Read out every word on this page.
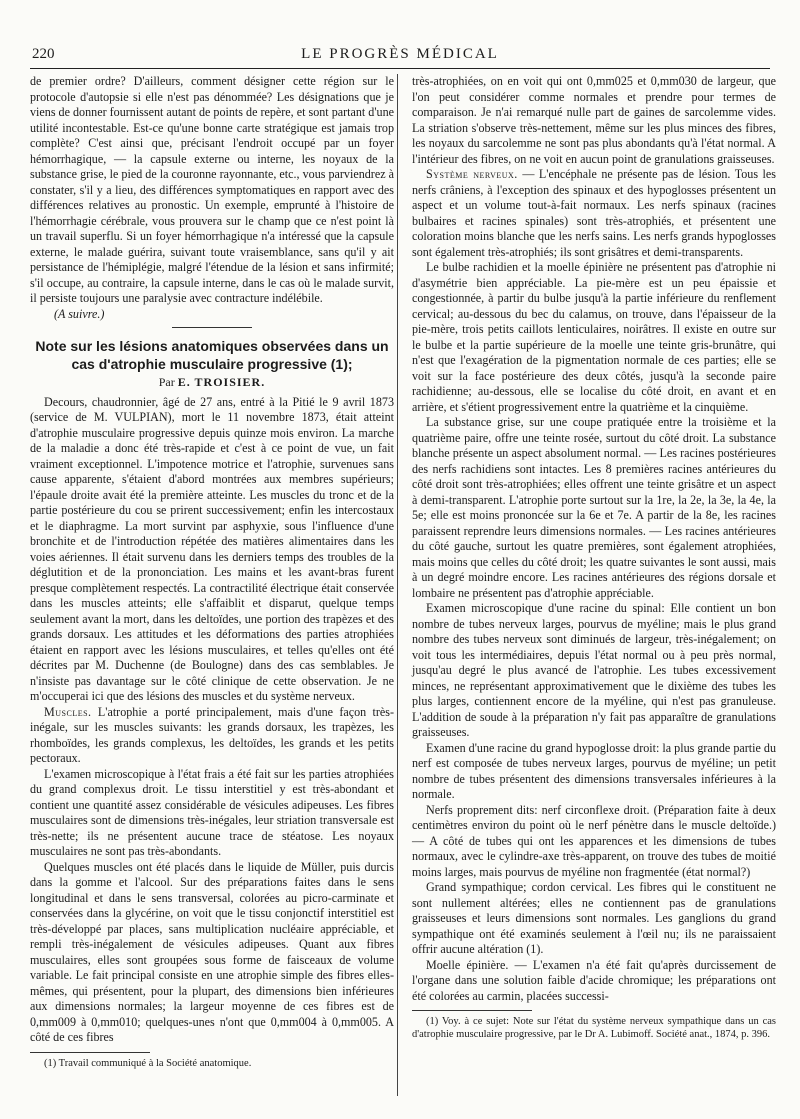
220	LE PROGRÈS MÉDICAL

de premier ordre? D'ailleurs, comment désigner cette région sur le protocole d'autopsie si elle n'est pas dénommée? Les désignations que je viens de donner fournissent autant de points de repère, et sont partant d'une utilité incontestable. Est-ce qu'une bonne carte stratégique est jamais trop complète? C'est ainsi que, précisant l'endroit occupé par un foyer hémorrhagique, — la capsule externe ou interne, les noyaux de la substance grise, le pied de la couronne rayonnante, etc., vous parviendrez à constater, s'il y a lieu, des différences symptomatiques en rapport avec des différences relatives au pronostic. Un exemple, emprunté à l'histoire de l'hémorrhagie cérébrale, vous prouvera sur le champ que ce n'est point là un travail superflu. Si un foyer hémorrhagique n'a intéressé que la capsule externe, le malade guérira, suivant toute vraisemblance, sans qu'il y ait persistance de l'hémiplégie, malgré l'étendue de la lésion et sans infirmité; s'il occupe, au contraire, la capsule interne, dans le cas où le malade survit, il persiste toujours une paralysie avec contracture indélébile.

(A suivre.)

Note sur les lésions anatomiques observées dans un cas d'atrophie musculaire progressive (1);
Par E. TROISIER.

Decours, chaudronnier, âgé de 27 ans, entré à la Pitié le 9 avril 1873 (service de M. VULPIAN), mort le 11 novembre 1873, était atteint d'atrophie musculaire progressive depuis quinze mois environ. La marche de la maladie a donc été très-rapide et c'est à ce point de vue, un fait vraiment exceptionnel. L'impotence motrice et l'atrophie, survenues sans cause apparente, s'étaient d'abord montrées aux membres supérieurs; l'épaule droite avait été la première atteinte. Les muscles du tronc et de la partie postérieure du cou se prirent successivement; enfin les intercostaux et le diaphragme. La mort survint par asphyxie, sous l'influence d'une bronchite et de l'introduction répétée des matières alimentaires dans les voies aériennes. Il était survenu dans les derniers temps des troubles de la déglutition et de la prononciation. Les mains et les avant-bras furent presque complètement respectés. La contractilité électrique était conservée dans les muscles atteints; elle s'affaiblit et disparut, quelque temps seulement avant la mort, dans les deltoïdes, une portion des trapèzes et des grands dorsaux. Les attitudes et les déformations des parties atrophiées étaient en rapport avec les lésions musculaires, et telles qu'elles ont été décrites par M. Duchenne (de Boulogne) dans des cas semblables. Je n'insiste pas davantage sur le côté clinique de cette observation. Je ne m'occuperai ici que des lésions des muscles et du système nerveux.

Muscles. L'atrophie a porté principalement, mais d'une façon très-inégale, sur les muscles suivants: les grands dorsaux, les trapèzes, les rhomboïdes, les grands complexus, les deltoïdes, les grands et les petits pectoraux.

L'examen microscopique à l'état frais a été fait sur les parties atrophiées du grand complexus droit. Le tissu interstitiel y est très-abondant et contient une quantité assez considérable de vésicules adipeuses. Les fibres musculaires sont de dimensions très-inégales, leur striation transversale est très-nette; ils ne présentent aucune trace de stéatose. Les noyaux musculaires ne sont pas très-abondants.

Quelques muscles ont été placés dans le liquide de Müller, puis durcis dans la gomme et l'alcool. Sur des préparations faites dans le sens longitudinal et dans le sens transversal, colorées au picro-carminate et conservées dans la glycérine, on voit que le tissu conjonctif interstitiel est très-développé par places, sans multiplication nucléaire appréciable, et rempli très-inégalement de vésicules adipeuses. Quant aux fibres musculaires, elles sont groupées sous forme de faisceaux de volume variable. Le fait principal consiste en une atrophie simple des fibres elles-mêmes, qui présentent, pour la plupart, des dimensions bien inférieures aux dimensions normales; la largeur moyenne de ces fibres est de 0,mm009 à 0,mm010; quelques-unes n'ont que 0,mm004 à 0,mm005. A côté de ces fibres

(1) Travail communiqué à la Société anatomique.

très-atrophiées, on en voit qui ont 0,mm025 et 0,mm030 de largeur, que l'on peut considérer comme normales et prendre pour termes de comparaison. Je n'ai remarqué nulle part de gaines de sarcolemme vides. La striation s'observe très-nettement, même sur les plus minces des fibres, les noyaux du sarcolemme ne sont pas plus abondants qu'à l'état normal. A l'intérieur des fibres, on ne voit en aucun point de granulations graisseuses.

Système nerveux. — L'encéphale ne présente pas de lésion. Tous les nerfs crâniens, à l'exception des spinaux et des hypoglosses présentent un aspect et un volume tout-à-fait normaux. Les nerfs spinaux (racines bulbaires et racines spinales) sont très-atrophiés, et présentent une coloration moins blanche que les nerfs sains. Les nerfs grands hypoglosses sont également très-atrophiés; ils sont grisâtres et demi-transparents.

Le bulbe rachidien et la moelle épinière ne présentent pas d'atrophie ni d'asymétrie bien appréciable. La pie-mère est un peu épaissie et congestionnée, à partir du bulbe jusqu'à la partie inférieure du renflement cervical; au-dessous du bec du calamus, on trouve, dans l'épaisseur de la pie-mère, trois petits caillots lenticulaires, noirâtres. Il existe en outre sur le bulbe et la partie supérieure de la moelle une teinte gris-brunâtre, qui n'est que l'exagération de la pigmentation normale de ces parties; elle se voit sur la face postérieure des deux côtés, jusqu'à la seconde paire rachidienne; au-dessous, elle se localise du côté droit, en avant et en arrière, et s'étient progressivement entre la quatrième et la cinquième.

La substance grise, sur une coupe pratiquée entre la troisième et la quatrième paire, offre une teinte rosée, surtout du côté droit. La substance blanche présente un aspect absolument normal. — Les racines postérieures des nerfs rachidiens sont intactes. Les 8 premières racines antérieures du côté droit sont très-atrophiées; elles offrent une teinte grisâtre et un aspect à demi-transparent. L'atrophie porte surtout sur la 1re, la 2e, la 3e, la 4e, la 5e; elle est moins prononcée sur la 6e et 7e. A partir de la 8e, les racines paraissent reprendre leurs dimensions normales. — Les racines antérieures du côté gauche, surtout les quatre premières, sont également atrophiées, mais moins que celles du côté droit; les quatre suivantes le sont aussi, mais à un degré moindre encore. Les racines antérieures des régions dorsale et lombaire ne présentent pas d'atrophie appréciable.

Examen microscopique d'une racine du spinal: Elle contient un bon nombre de tubes nerveux larges, pourvus de myéline; mais le plus grand nombre des tubes nerveux sont diminués de largeur, très-inégalement; on voit tous les intermédiaires, depuis l'état normal ou à peu près normal, jusqu'au degré le plus avancé de l'atrophie. Les tubes excessivement minces, ne représentant approximativement que le dixième des tubes les plus larges, contiennent encore de la myéline, qui n'est pas granuleuse. L'addition de soude à la préparation n'y fait pas apparaître de granulations graisseuses.

Examen d'une racine du grand hypoglosse droit: la plus grande partie du nerf est composée de tubes nerveux larges, pourvus de myéline; un petit nombre de tubes présentent des dimensions transversales inférieures à la normale.

Nerfs proprement dits: nerf circonflexe droit. (Préparation faite à deux centimètres environ du point où le nerf pénètre dans le muscle deltoïde.) — A côté de tubes qui ont les apparences et les dimensions de tubes normaux, avec le cylindre-axe très-apparent, on trouve des tubes de moitié moins larges, mais pourvus de myéline non fragmentée (état normal?)

Grand sympathique; cordon cervical. Les fibres qui le constituent ne sont nullement altérées; elles ne contiennent pas de granulations graisseuses et leurs dimensions sont normales. Les ganglions du grand sympathique ont été examinés seulement à l'œil nu; ils ne paraissaient offrir aucune altération (1).

Moelle épinière. — L'examen n'a été fait qu'après durcissement de l'organe dans une solution faible d'acide chromique; les préparations ont été colorées au carmin, placées successi-

(1) Voy. à ce sujet: Note sur l'état du système nerveux sympathique dans un cas d'atrophie musculaire progressive, par le Dr A. Lubimoff. Société anat., 1874, p. 396.
